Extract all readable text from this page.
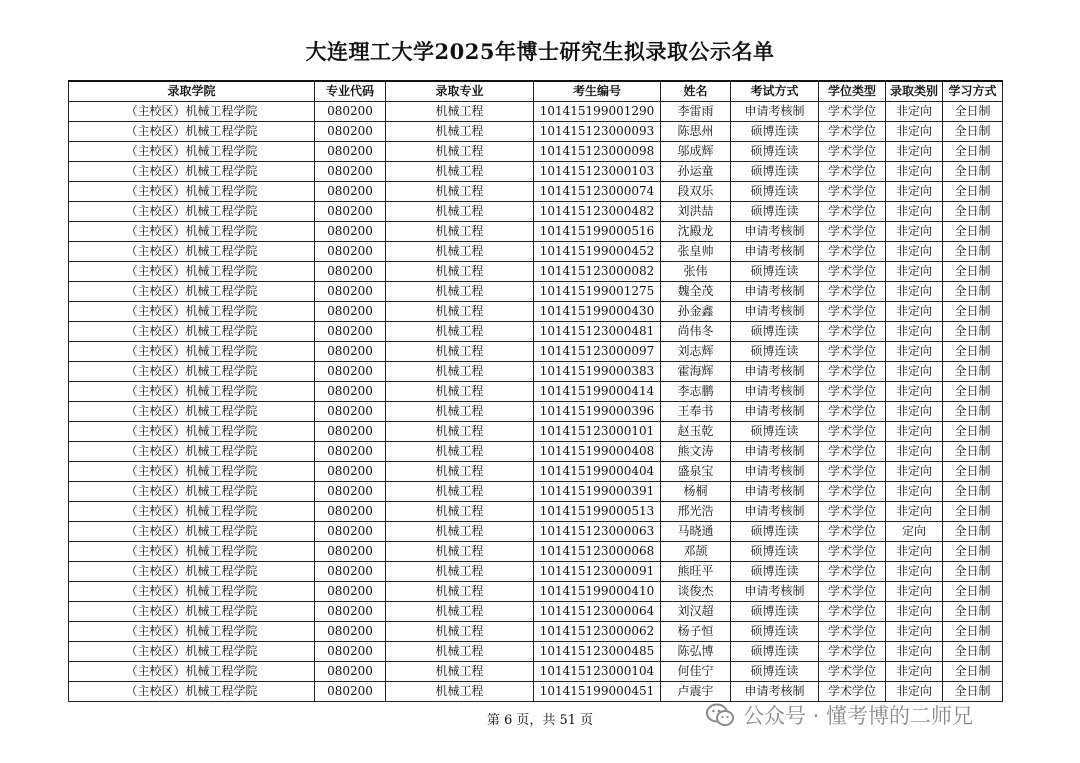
大连理工大学2025年博士研究生拟录取公示名单
录取学院	专业代码	录取专业	考生编号	姓名	考试方式	学位类型	录取类别	学习方式
（主校区）机械工程学院	080200	机械工程	101415199001290	李雷雨	申请考核制	学术学位	非定向	全日制
（主校区）机械工程学院	080200	机械工程	101415123000093	陈思州	硕博连读	学术学位	非定向	全日制
（主校区）机械工程学院	080200	机械工程	101415123000098	邬成辉	硕博连读	学术学位	非定向	全日制
（主校区）机械工程学院	080200	机械工程	101415123000103	孙运童	硕博连读	学术学位	非定向	全日制
（主校区）机械工程学院	080200	机械工程	101415123000074	段双乐	硕博连读	学术学位	非定向	全日制
（主校区）机械工程学院	080200	机械工程	101415123000482	刘洪喆	硕博连读	学术学位	非定向	全日制
（主校区）机械工程学院	080200	机械工程	101415199000516	沈殿龙	申请考核制	学术学位	非定向	全日制
（主校区）机械工程学院	080200	机械工程	101415199000452	张皇帅	申请考核制	学术学位	非定向	全日制
（主校区）机械工程学院	080200	机械工程	101415123000082	张伟	硕博连读	学术学位	非定向	全日制
（主校区）机械工程学院	080200	机械工程	101415199001275	魏全茂	申请考核制	学术学位	非定向	全日制
（主校区）机械工程学院	080200	机械工程	101415199000430	孙金鑫	申请考核制	学术学位	非定向	全日制
（主校区）机械工程学院	080200	机械工程	101415123000481	尚伟冬	硕博连读	学术学位	非定向	全日制
（主校区）机械工程学院	080200	机械工程	101415123000097	刘志辉	硕博连读	学术学位	非定向	全日制
（主校区）机械工程学院	080200	机械工程	101415199000383	霍海辉	申请考核制	学术学位	非定向	全日制
（主校区）机械工程学院	080200	机械工程	101415199000414	李志鹏	申请考核制	学术学位	非定向	全日制
（主校区）机械工程学院	080200	机械工程	101415199000396	王奉书	申请考核制	学术学位	非定向	全日制
（主校区）机械工程学院	080200	机械工程	101415123000101	赵玉乾	硕博连读	学术学位	非定向	全日制
（主校区）机械工程学院	080200	机械工程	101415199000408	熊文涛	申请考核制	学术学位	非定向	全日制
（主校区）机械工程学院	080200	机械工程	101415199000404	盛泉宝	申请考核制	学术学位	非定向	全日制
（主校区）机械工程学院	080200	机械工程	101415199000391	杨桐	申请考核制	学术学位	非定向	全日制
（主校区）机械工程学院	080200	机械工程	101415199000513	邢光浩	申请考核制	学术学位	非定向	全日制
（主校区）机械工程学院	080200	机械工程	101415123000063	马晓通	硕博连读	学术学位	定向	全日制
（主校区）机械工程学院	080200	机械工程	101415123000068	邓颉	硕博连读	学术学位	非定向	全日制
（主校区）机械工程学院	080200	机械工程	101415123000091	熊旺平	硕博连读	学术学位	非定向	全日制
（主校区）机械工程学院	080200	机械工程	101415199000410	谈俊杰	申请考核制	学术学位	非定向	全日制
（主校区）机械工程学院	080200	机械工程	101415123000064	刘汉超	硕博连读	学术学位	非定向	全日制
（主校区）机械工程学院	080200	机械工程	101415123000062	杨子恒	硕博连读	学术学位	非定向	全日制
（主校区）机械工程学院	080200	机械工程	101415123000485	陈弘博	硕博连读	学术学位	非定向	全日制
（主校区）机械工程学院	080200	机械工程	101415123000104	何佳宁	硕博连读	学术学位	非定向	全日制
（主校区）机械工程学院	080200	机械工程	101415199000451	卢震宇	申请考核制	学术学位	非定向	全日制
第 6 页，共 51 页	公众号 · 懂考博的二师兄
